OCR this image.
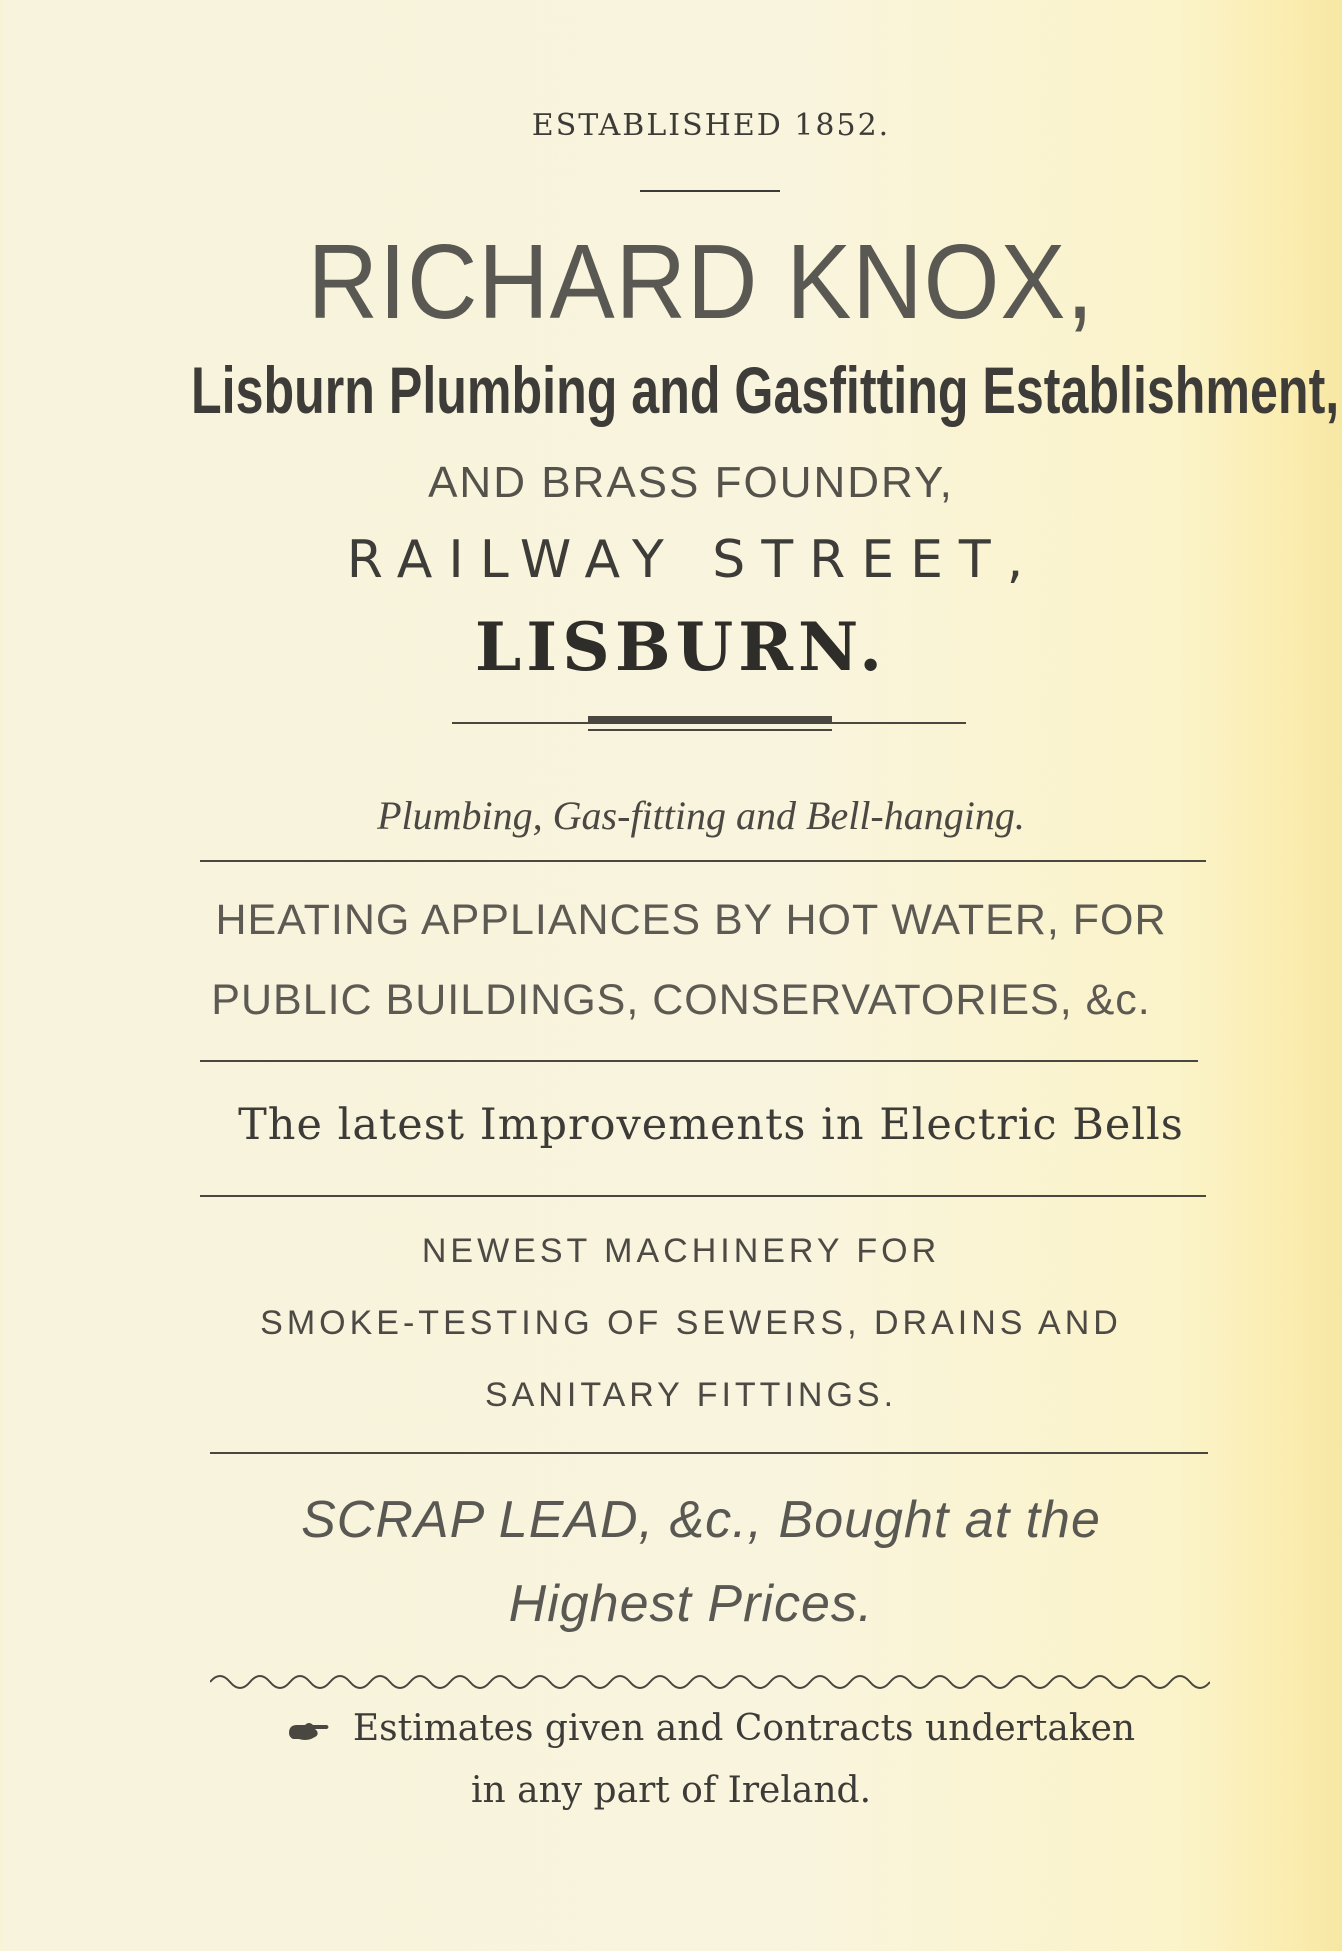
ESTABLISHED 1852.
RICHARD KNOX,
Lisburn Plumbing and Gasfitting Establishment,
AND BRASS FOUNDRY,
RAILWAY STREET,
LISBURN.
Plumbing, Gas-fitting and Bell-hanging.
HEATING APPLIANCES BY HOT WATER, FOR
PUBLIC BUILDINGS, CONSERVATORIES, &c.
The latest Improvements in Electric Bells
NEWEST MACHINERY FOR
SMOKE-TESTING OF SEWERS, DRAINS AND
SANITARY FITTINGS.
SCRAP LEAD, &c., Bought at the
Highest Prices.
Estimates given and Contracts undertaken
in any part of Ireland.
